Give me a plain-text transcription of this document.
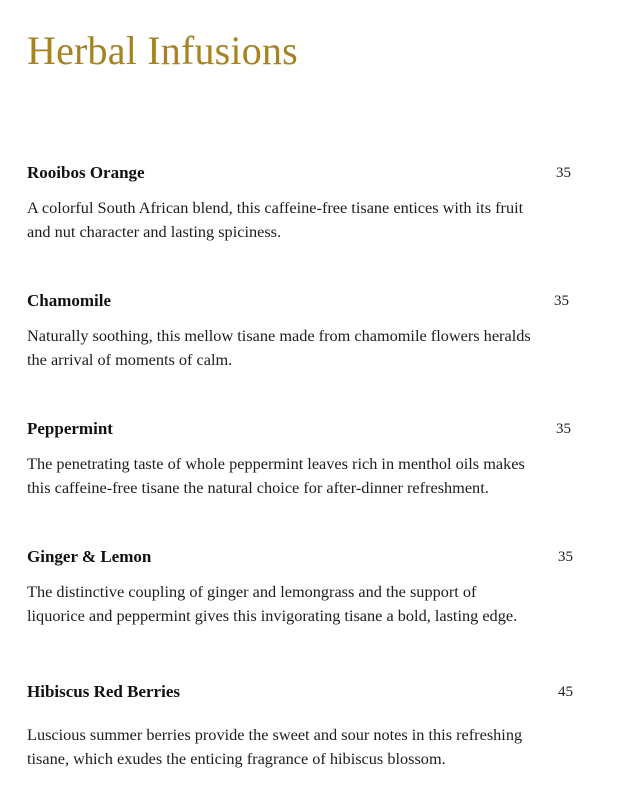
Herbal Infusions
Rooibos Orange	35

A colorful South African blend, this caffeine-free tisane entices with its fruit
and nut character and lasting spiciness.

Chamomile	35

Naturally soothing, this mellow tisane made from chamomile flowers heralds
the arrival of moments of calm.

Peppermint	35

The penetrating taste of whole peppermint leaves rich in menthol oils makes
this caffeine-free tisane the natural choice for after-dinner refreshment.

Ginger & Lemon	35

The distinctive coupling of ginger and lemongrass and the support of
liquorice and peppermint gives this invigorating tisane a bold, lasting edge.

Hibiscus Red Berries	45

Luscious summer berries provide the sweet and sour notes in this refreshing
tisane, which exudes the enticing fragrance of hibiscus blossom.
